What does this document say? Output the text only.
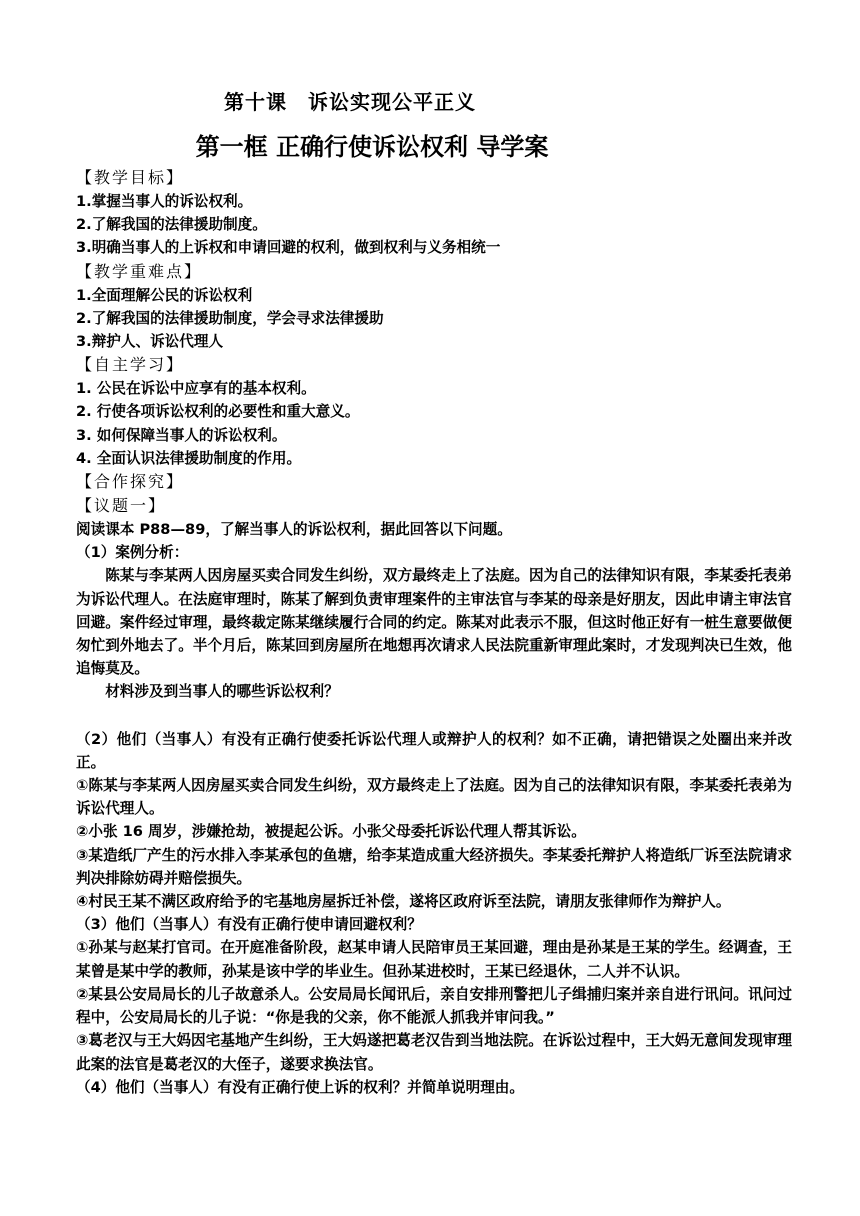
第十课　诉讼实现公平正义
第一框 正确行使诉讼权利 导学案
【教学目标】
1.掌握当事人的诉讼权利。
2.了解我国的法律援助制度。
3.明确当事人的上诉权和申请回避的权利，做到权利与义务相统一
【教学重难点】
1.全面理解公民的诉讼权利
2.了解我国的法律援助制度，学会寻求法律援助
3.辩护人、诉讼代理人
【自主学习】
1. 公民在诉讼中应享有的基本权利。
2. 行使各项诉讼权利的必要性和重大意义。
3. 如何保障当事人的诉讼权利。
4. 全面认识法律援助制度的作用。
【合作探究】
【议题一】
阅读课本 P88—89，了解当事人的诉讼权利，据此回答以下问题。
（1）案例分析：
陈某与李某两人因房屋买卖合同发生纠纷，双方最终走上了法庭。因为自己的法律知识有限，李某委托表弟为诉讼代理人。在法庭审理时，陈某了解到负责审理案件的主审法官与李某的母亲是好朋友，因此申请主审法官回避。案件经过审理，最终裁定陈某继续履行合同的约定。陈某对此表示不服，但这时他正好有一桩生意要做便匆忙到外地去了。半个月后，陈某回到房屋所在地想再次请求人民法院重新审理此案时，才发现判决已生效，他追悔莫及。
材料涉及到当事人的哪些诉讼权利？
（2）他们（当事人）有没有正确行使委托诉讼代理人或辩护人的权利？如不正确，请把错误之处圈出来并改正。
①陈某与李某两人因房屋买卖合同发生纠纷，双方最终走上了法庭。因为自己的法律知识有限，李某委托表弟为诉讼代理人。
②小张 16 周岁，涉嫌抢劫，被提起公诉。小张父母委托诉讼代理人帮其诉讼。
③某造纸厂产生的污水排入李某承包的鱼塘，给李某造成重大经济损失。李某委托辩护人将造纸厂诉至法院请求判决排除妨碍并赔偿损失。
④村民王某不满区政府给予的宅基地房屋拆迁补偿，遂将区政府诉至法院，请朋友张律师作为辩护人。
（3）他们（当事人）有没有正确行使申请回避权利？
①孙某与赵某打官司。在开庭准备阶段，赵某申请人民陪审员王某回避，理由是孙某是王某的学生。经调查，王某曾是某中学的教师，孙某是该中学的毕业生。但孙某进校时，王某已经退休，二人并不认识。
②某县公安局局长的儿子故意杀人。公安局局长闻讯后，亲自安排刑警把儿子缉捕归案并亲自进行讯问。讯问过程中，公安局局长的儿子说：“你是我的父亲，你不能派人抓我并审问我。”
③葛老汉与王大妈因宅基地产生纠纷，王大妈遂把葛老汉告到当地法院。在诉讼过程中，王大妈无意间发现审理此案的法官是葛老汉的大侄子，遂要求换法官。
（4）他们（当事人）有没有正确行使上诉的权利？并简单说明理由。
